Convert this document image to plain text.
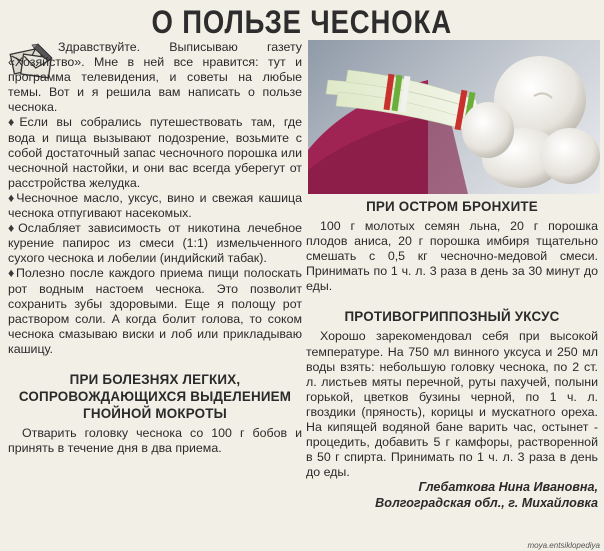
О ПОЛЬЗЕ ЧЕСНОКА

Здравствуйте. Выписываю газету «Хозяйство». Мне в ней все нравится: тут и программа телевидения, и советы на любые темы. Вот и я решила вам написать о пользе чеснока.

♦Если вы собрались путешествовать там, где вода и пища вызывают подозрение, возьмите с собой достаточный запас чесночного порошка или чесночной настойки, и они вас всегда уберегут от расстройства желудка.

♦Чесночное масло, уксус, вино и свежая кашица чеснока отпугивают насекомых.

♦Ослабляет зависимость от никотина лечебное курение папирос из смеси (1:1) измельченного сухого чеснока и лобелии (индийский табак).

♦Полезно после каждого приема пищи полоскать рот водным настоем чеснока. Это позволит сохранить зубы здоровыми. Еще я полощу рот раствором соли. А когда болит голова, то соком чеснока смазываю виски и лоб или прикладываю кашицу.

ПРИ БОЛЕЗНЯХ ЛЕГКИХ, СОПРОВОЖДАЮЩИХСЯ ВЫДЕЛЕНИЕМ ГНОЙНОЙ МОКРОТЫ

Отварить головку чеснока со 100 г бобов и принять в течение дня в два приема.

ПРИ ОСТРОМ БРОНХИТЕ

100 г молотых семян льна, 20 г порошка плодов аниса, 20 г порошка имбиря тщательно смешать с 0,5 кг чесночно-медовой смеси. Принимать по 1 ч. л. 3 раза в день за 30 минут до еды.

ПРОТИВОГРИППОЗНЫЙ УКСУС

Хорошо зарекомендовал себя при высокой температуре. На 750 мл винного уксуса и 250 мл воды взять: небольшую головку чеснока, по 2 ст. л. листьев мяты перечной, руты пахучей, полыни горькой, цветков бузины черной, по 1 ч. л. гвоздики (пряность), корицы и мускатного ореха. На кипящей водяной бане варить час, остынет - процедить, добавить 5 г камфоры, растворенной в 50 г спирта. Принимать по 1 ч. л. 3 раза в день до еды.

Глебаткова Нина Ивановна,
Волгоградская обл., г. Михайловка

moya.entsiklopediya
